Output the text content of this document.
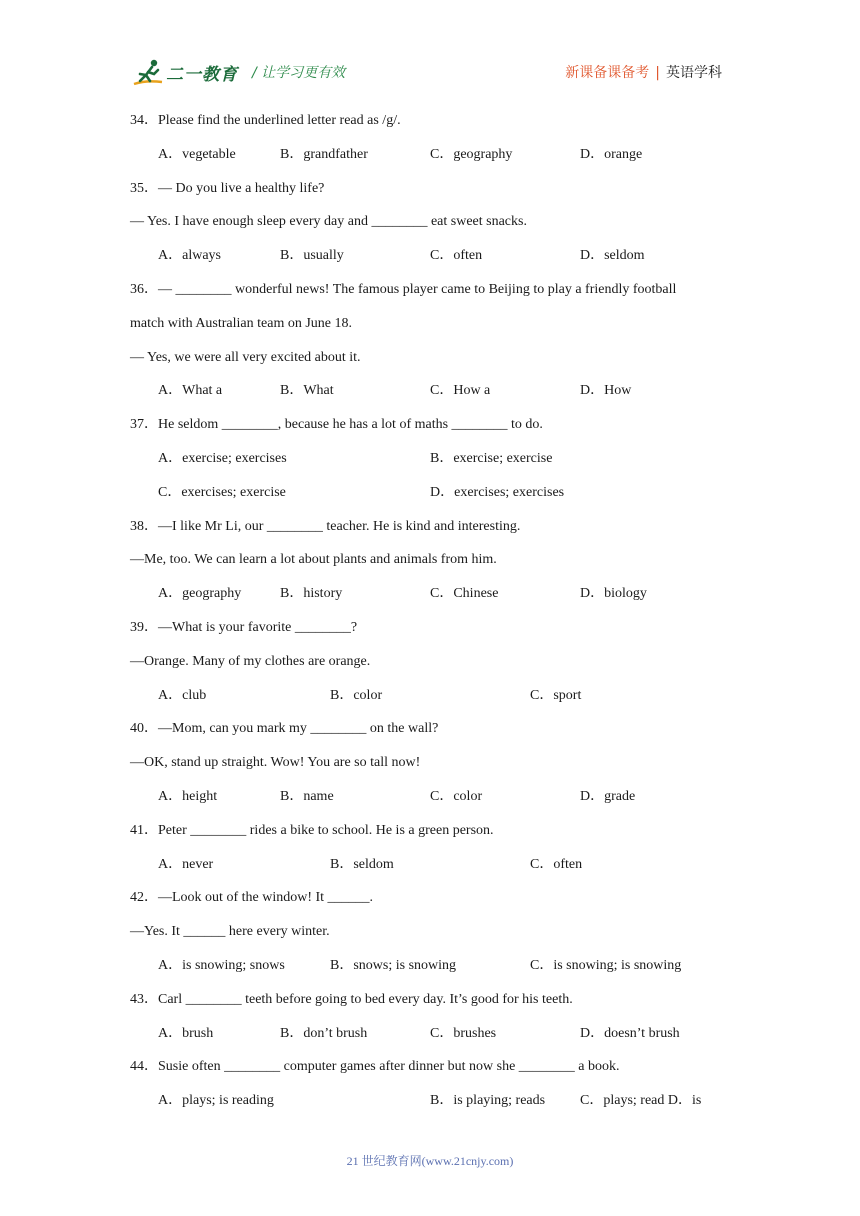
二一教育 / 让学习更有效	新课备课备考 | 英语学科
34．Please find the underlined letter read as /g/.
A．vegetable	B．grandfather	C．geography	D．orange
35．— Do you live a healthy life?
— Yes. I have enough sleep every day and ________ eat sweet snacks.
A．always	B．usually	C．often	D．seldom
36．— ________ wonderful news! The famous player came to Beijing to play a friendly football
match with Australian team on June 18.
— Yes, we were all very excited about it.
A．What a	B．What	C．How a	D．How
37．He seldom ________, because he has a lot of maths ________ to do.
A．exercise; exercises	B．exercise; exercise
C．exercises; exercise	D．exercises; exercises
38．—I like Mr Li, our ________ teacher. He is kind and interesting.
—Me, too. We can learn a lot about plants and animals from him.
A．geography	B．history	C．Chinese	D．biology
39．—What is your favorite ________?
—Orange. Many of my clothes are orange.
A．club	B．color	C．sport
40．—Mom, can you mark my ________ on the wall?
—OK, stand up straight. Wow! You are so tall now!
A．height	B．name	C．color	D．grade
41．Peter ________ rides a bike to school. He is a green person.
A．never	B．seldom	C．often
42．—Look out of the window! It ______.
—Yes. It ______ here every winter.
A．is snowing; snows	B．snows; is snowing	C．is snowing; is snowing
43．Carl ________ teeth before going to bed every day. It’s good for his teeth.
A．brush	B．don’t brush	C．brushes	D．doesn’t brush
44．Susie often ________ computer games after dinner but now she ________ a book.
A．plays; is reading	B．is playing; reads C．plays; read D．is
21 世纪教育网(www.21cnjy.com)
